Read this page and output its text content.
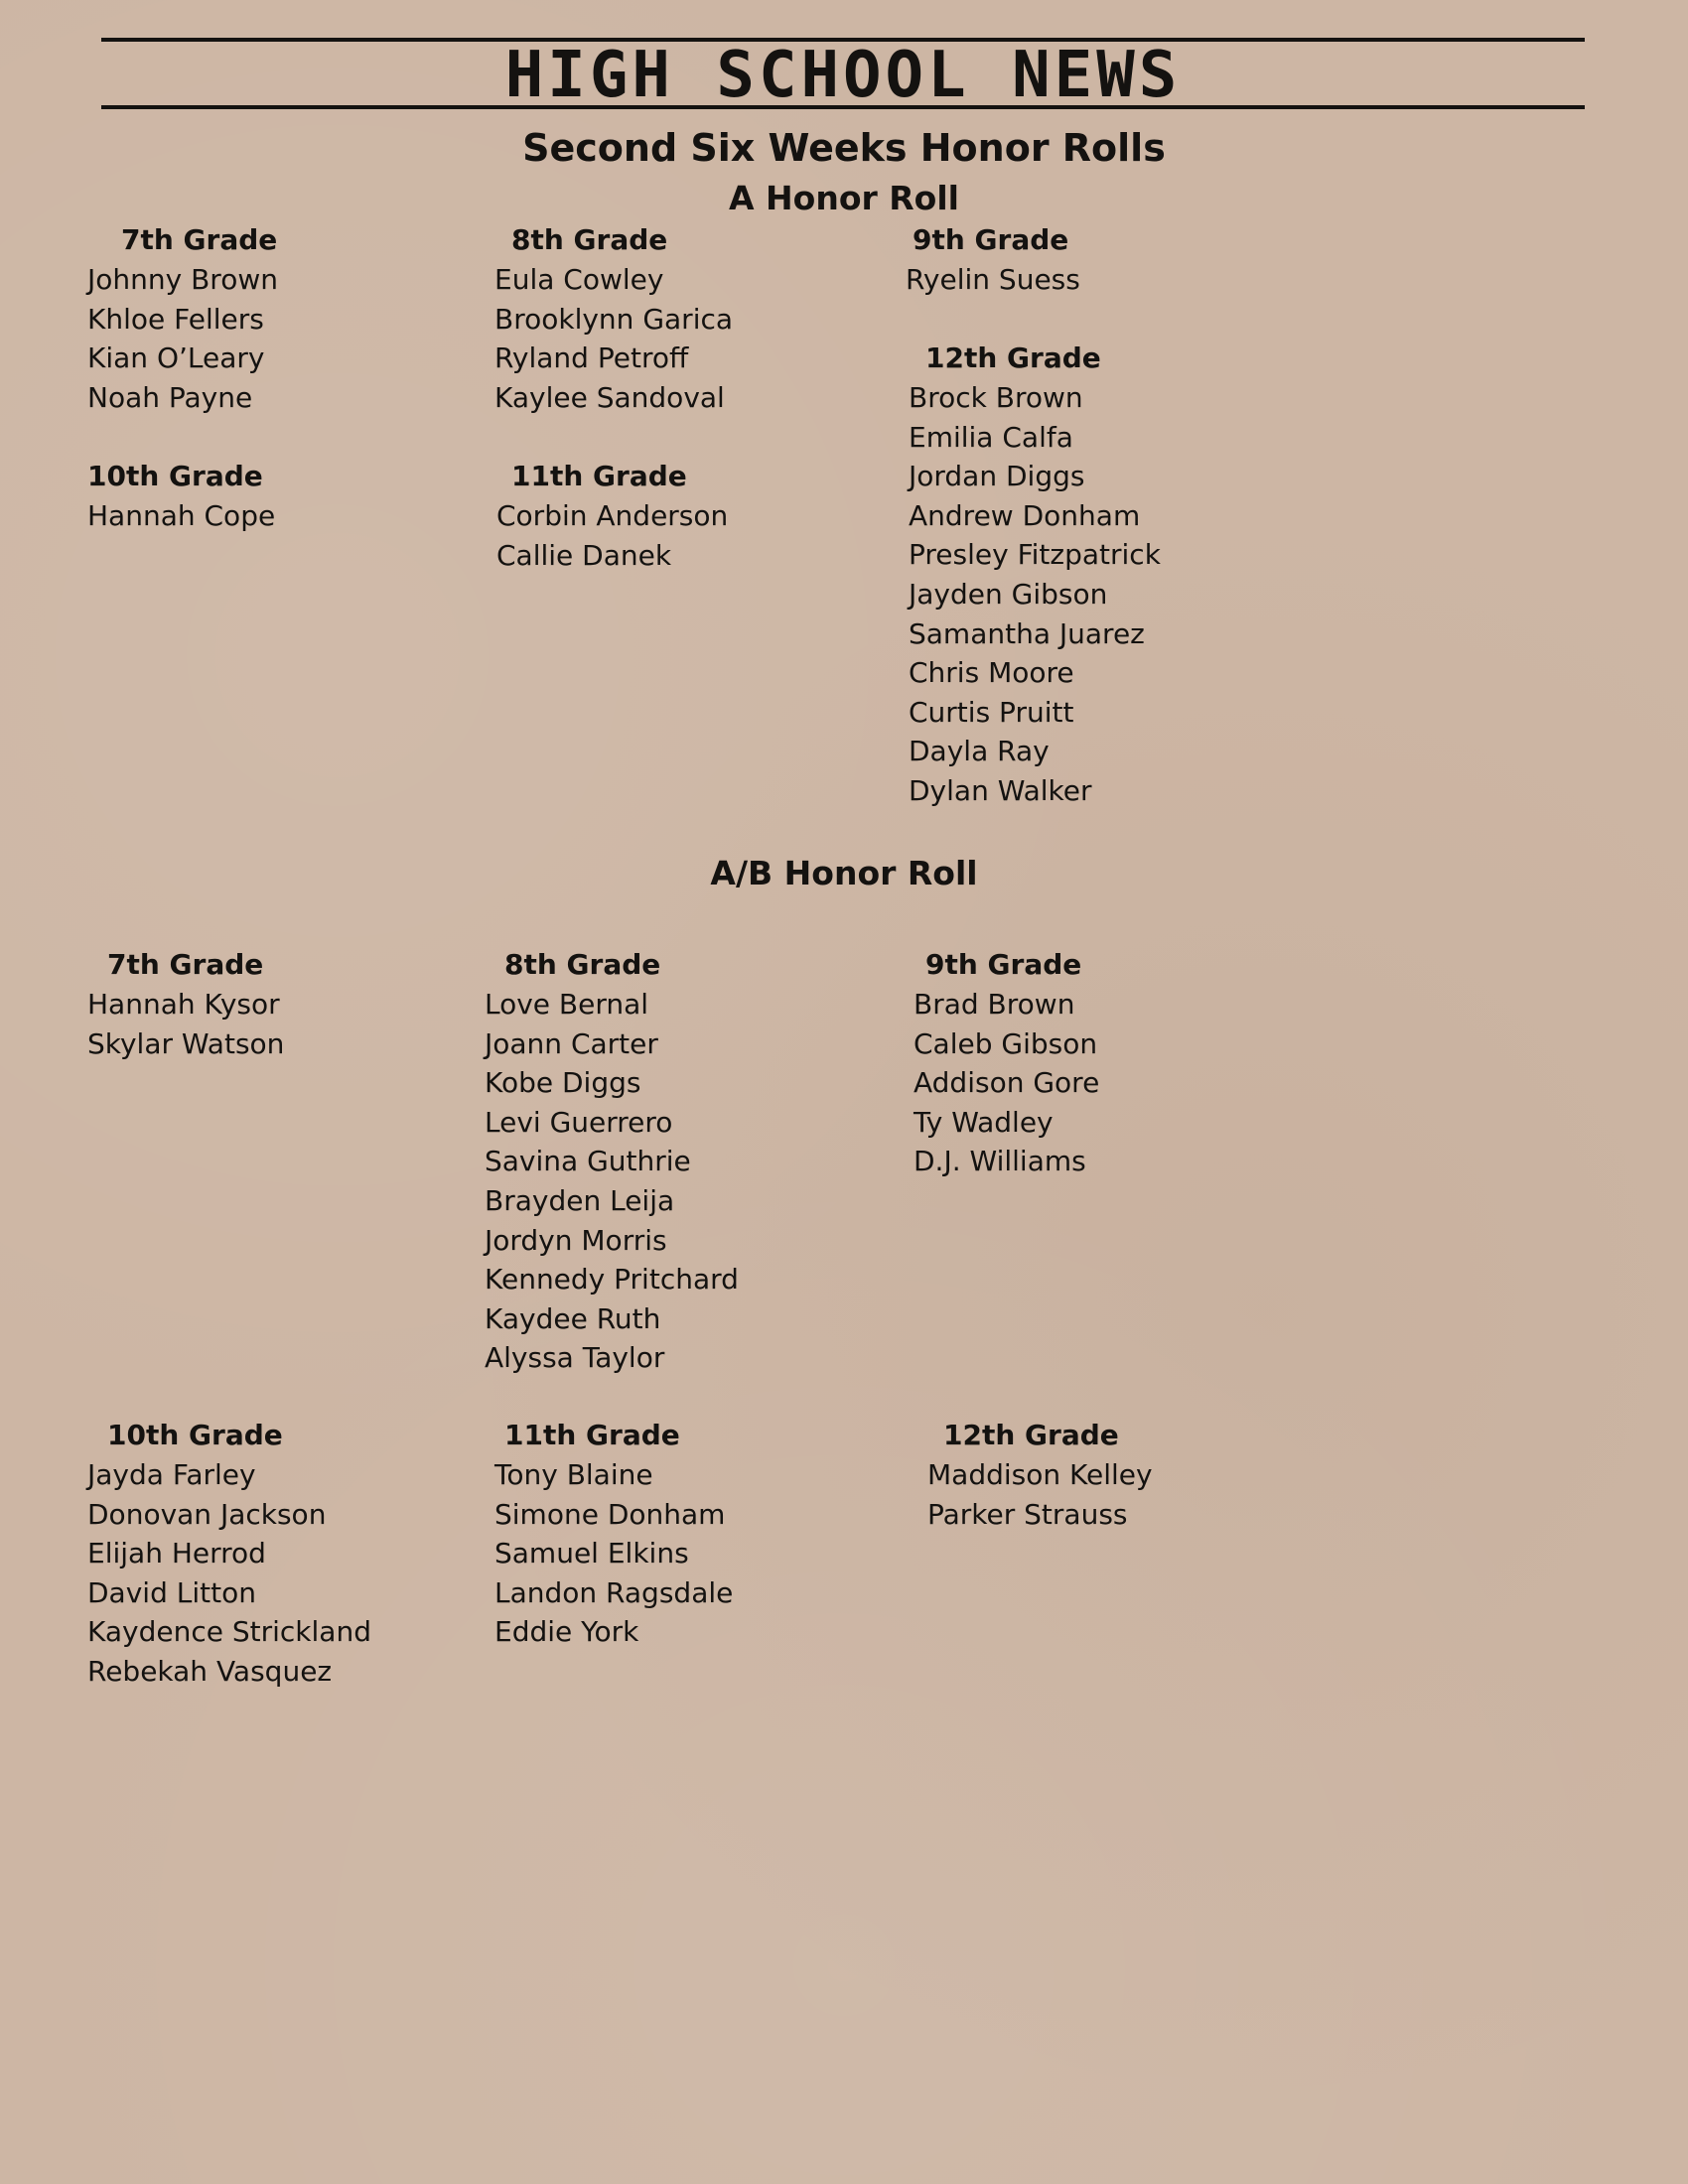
HIGH SCHOOL NEWS
Second Six Weeks Honor Rolls
A Honor Roll
7th Grade
Johnny Brown
Khloe Fellers
Kian O’Leary
Noah Payne
8th Grade
Eula Cowley
Brooklynn Garica
Ryland Petroff
Kaylee Sandoval
9th Grade
Ryelin Suess
10th Grade
Hannah Cope
11th Grade
Corbin Anderson
Callie Danek
12th Grade
Brock Brown
Emilia Calfa
Jordan Diggs
Andrew Donham
Presley Fitzpatrick
Jayden Gibson
Samantha Juarez
Chris Moore
Curtis Pruitt
Dayla Ray
Dylan Walker
A/B Honor Roll
7th Grade
Hannah Kysor
Skylar Watson
8th Grade
Love Bernal
Joann Carter
Kobe Diggs
Levi Guerrero
Savina Guthrie
Brayden Leija
Jordyn Morris
Kennedy Pritchard
Kaydee Ruth
Alyssa Taylor
9th Grade
Brad Brown
Caleb Gibson
Addison Gore
Ty Wadley
D.J. Williams
10th Grade
Jayda Farley
Donovan Jackson
Elijah Herrod
David Litton
Kaydence Strickland
Rebekah Vasquez
11th Grade
Tony Blaine
Simone Donham
Samuel Elkins
Landon Ragsdale
Eddie York
12th Grade
Maddison Kelley
Parker Strauss
